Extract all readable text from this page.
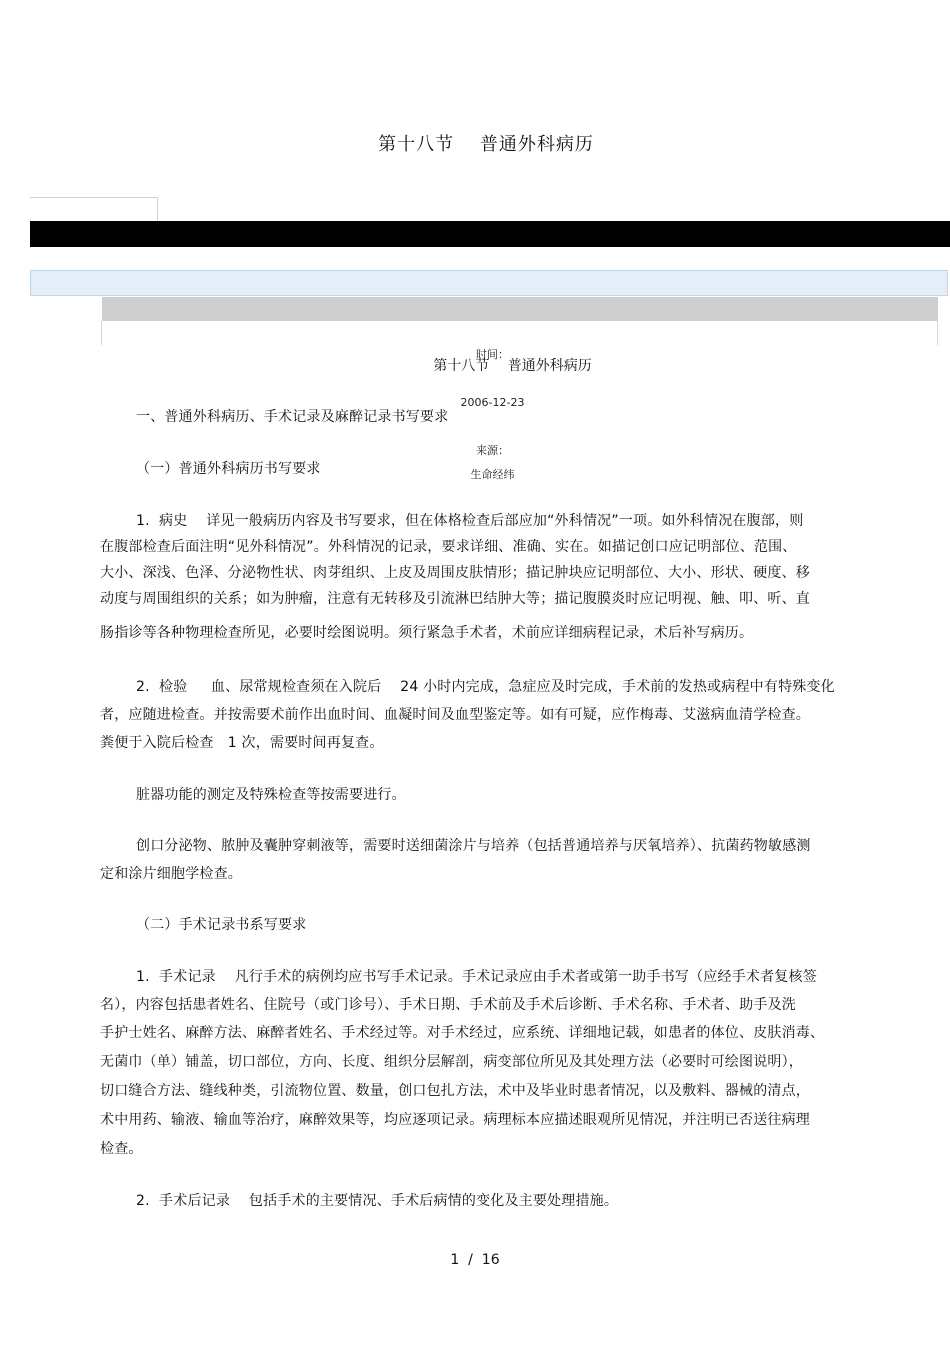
第十八节　 普通外科病历

时间：

2006-12-23

来源：
生命经纬

第十八节　 普通外科病历
一、普通外科病历、手术记录及麻醉记录书写要求
（一）普通外科病历书写要求
1.  病史　 详见一般病历内容及书写要求，但在体格检查后部应加“外科情况”一项。如外科情况在腹部，则
在腹部检查后面注明“见外科情况”。外科情况的记录，要求详细、准确、实在。如描记创口应记明部位、范围、
大小、深浅、色泽、分泌物性状、肉芽组织、上皮及周围皮肤情形；描记肿块应记明部位、大小、形状、硬度、移
动度与周围组织的关系；如为肿瘤，注意有无转移及引流淋巴结肿大等；描记腹膜炎时应记明视、触、叩、听、直
肠指诊等各种物理检查所见，必要时绘图说明。须行紧急手术者，术前应详细病程记录，术后补写病历。
2.  检验　  血、尿常规检查须在入院后　 24 小时内完成，急症应及时完成，手术前的发热或病程中有特殊变化
者，应随进检查。并按需要术前作出血时间、血凝时间及血型鉴定等。如有可疑，应作梅毒、艾滋病血清学检查。
粪便于入院后检查　1 次，需要时间再复查。
脏器功能的测定及特殊检查等按需要进行。
创口分泌物、脓肿及囊肿穿刺液等，需要时送细菌涂片与培养（包括普通培养与厌氧培养）、抗菌药物敏感测
定和涂片细胞学检查。
（二）手术记录书系写要求
1.  手术记录　 凡行手术的病例均应书写手术记录。手术记录应由手术者或第一助手书写（应经手术者复核签
名），内容包括患者姓名、住院号（或门诊号）、手术日期、手术前及手术后诊断、手术名称、手术者、助手及洗
手护士姓名、麻醉方法、麻醉者姓名、手术经过等。对手术经过，应系统、详细地记载，如患者的体位、皮肤消毒、
无菌巾（单）铺盖，切口部位，方向、长度、组织分层解剖，病变部位所见及其处理方法（必要时可绘图说明），
切口缝合方法、缝线种类，引流物位置、数量，创口包扎方法，术中及毕业时患者情况，以及敷料、器械的清点，
术中用药、输液、输血等治疗，麻醉效果等，均应逐项记录。病理标本应描述眼观所见情况，并注明已否送往病理
检查。
2.  手术后记录　 包括手术的主要情况、手术后病情的变化及主要处理措施。
1  /  16
